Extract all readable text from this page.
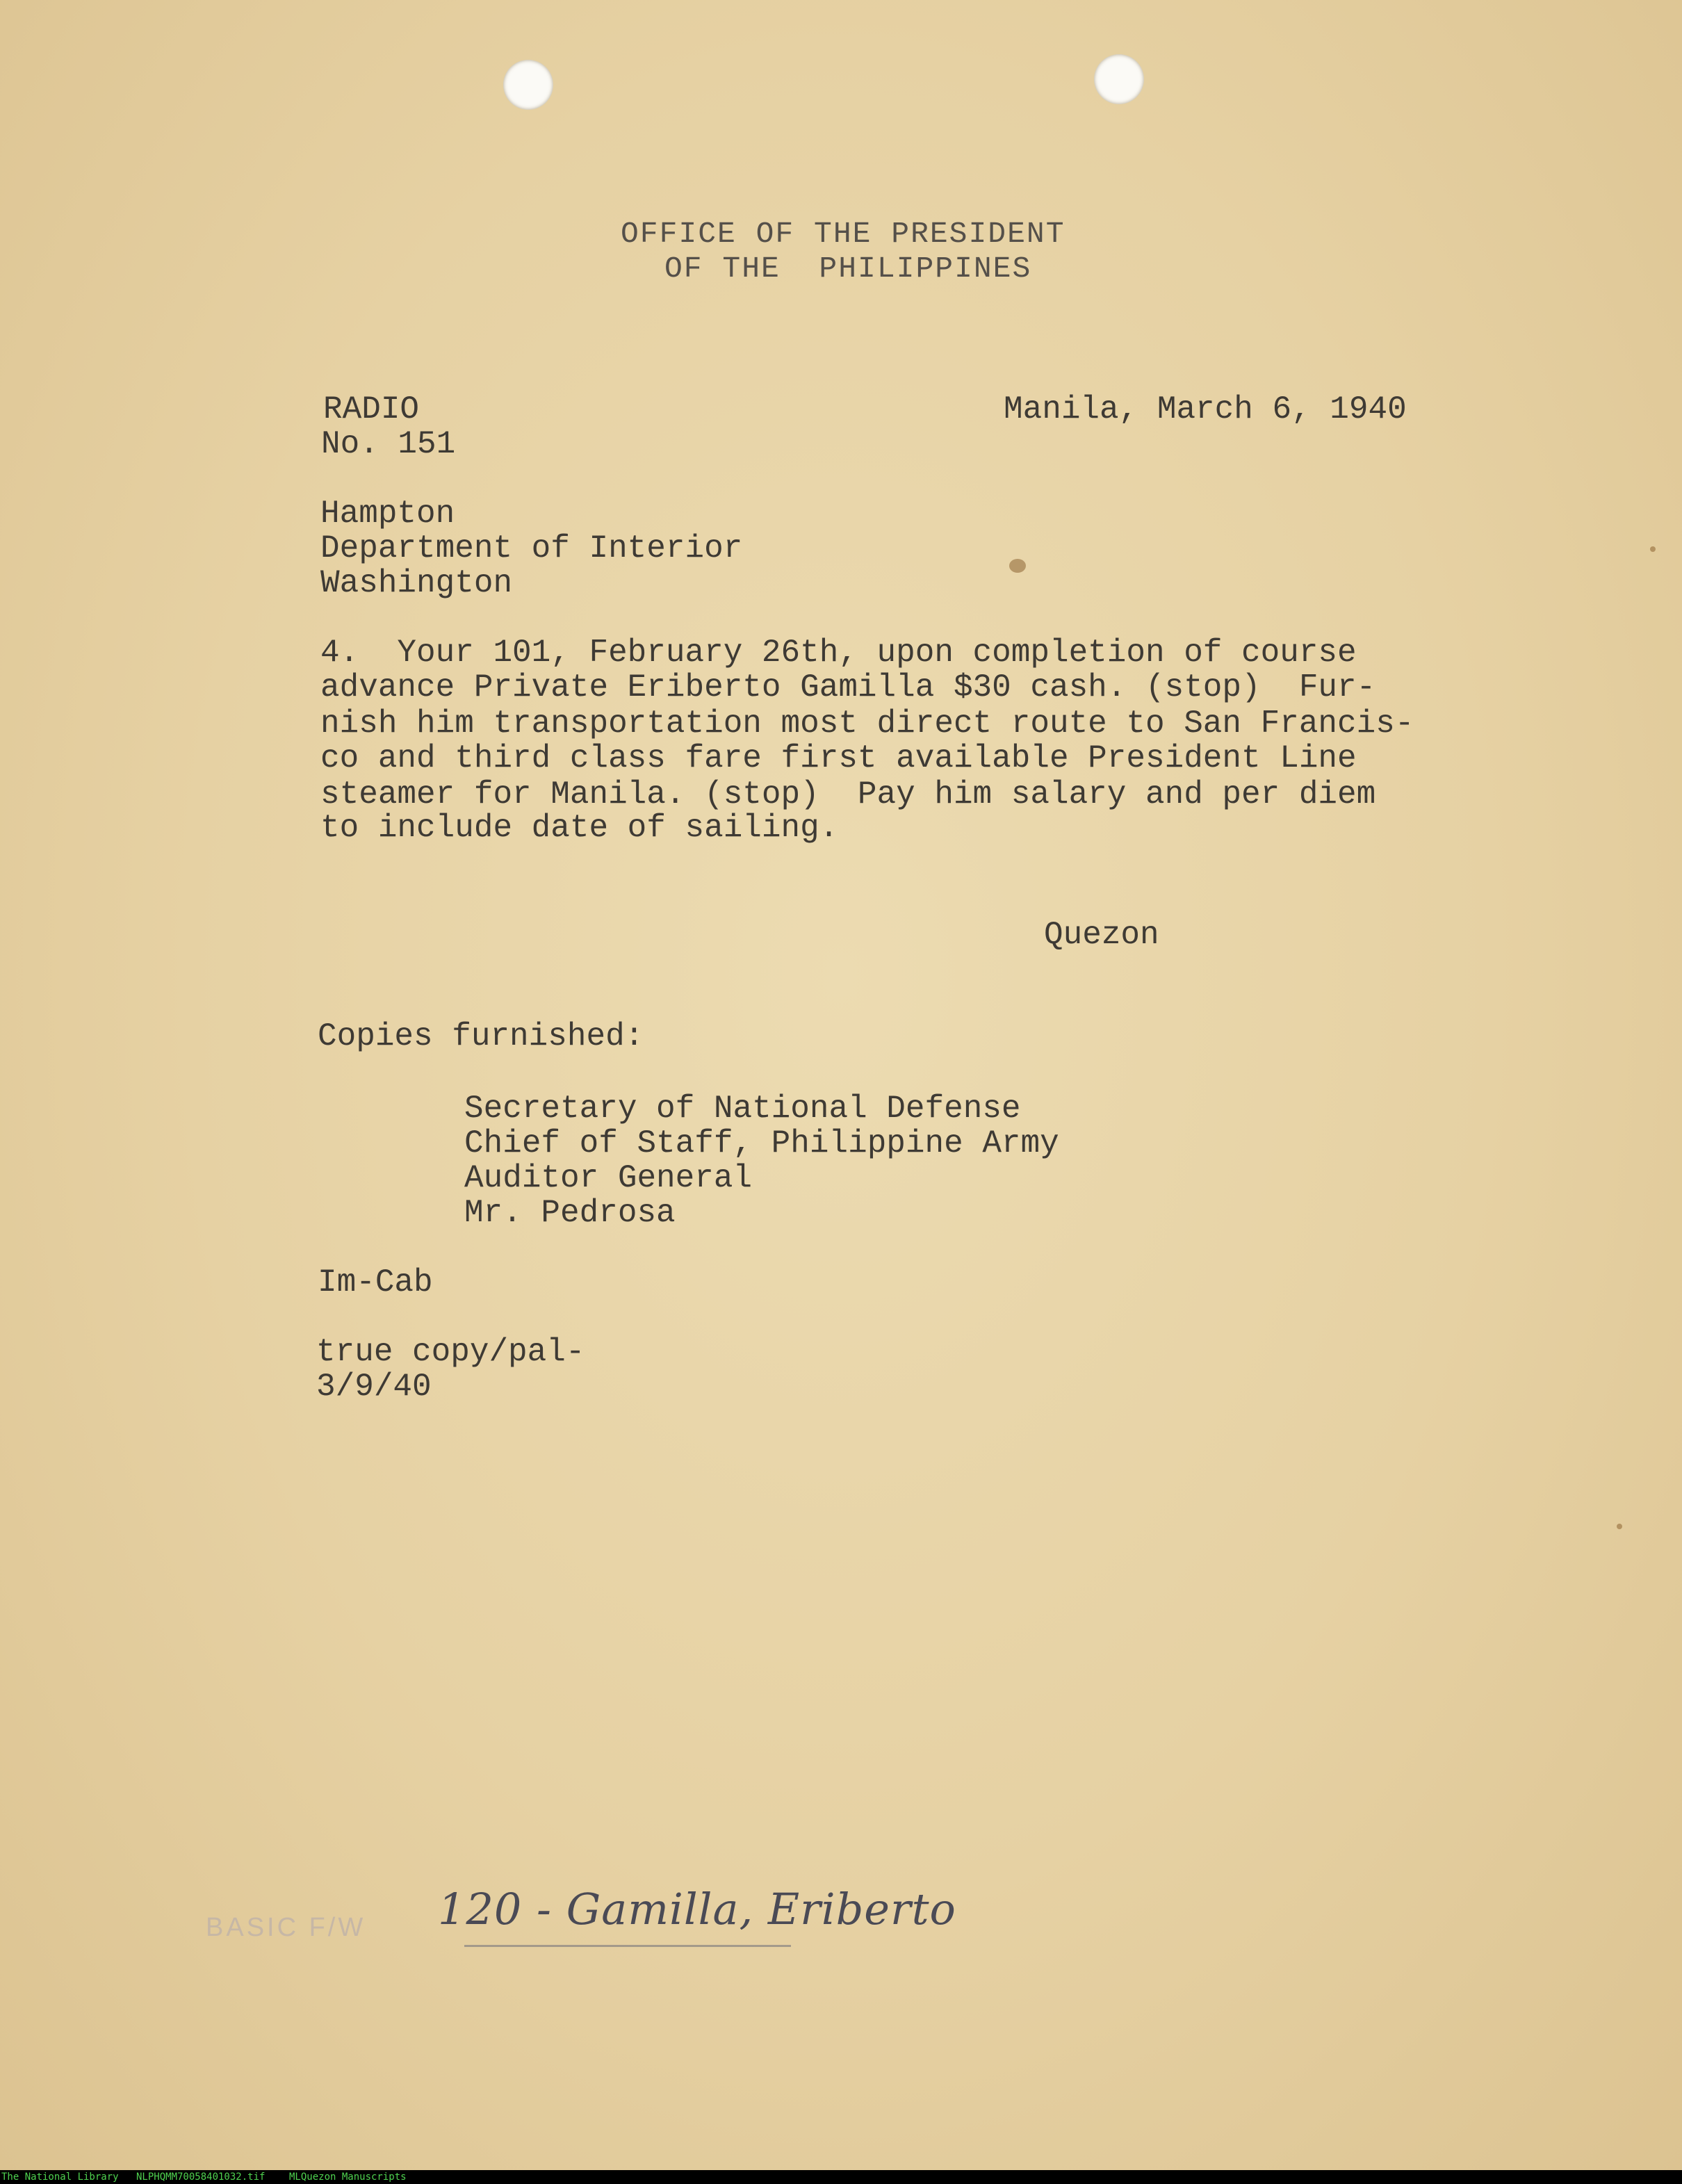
OFFICE OF THE PRESIDENT
OF THE  PHILIPPINES
RADIO
No. 151
Manila, March 6, 1940
Hampton
Department of Interior
Washington
4.  Your 101, February 26th, upon completion of course
advance Private Eriberto Gamilla $30 cash. (stop)  Fur-
nish him transportation most direct route to San Francis-
co and third class fare first available President Line
steamer for Manila. (stop)  Pay him salary and per diem
to include date of sailing.
Quezon
Copies furnished:
Secretary of National Defense
Chief of Staff, Philippine Army
Auditor General
Mr. Pedrosa
Im-Cab
true copy/pal-
3/9/40
BASIC F/W 120 - Gamilla, Eriberto
The National Library NLPHQMM70058401032.tif MLQuezon Manuscripts
